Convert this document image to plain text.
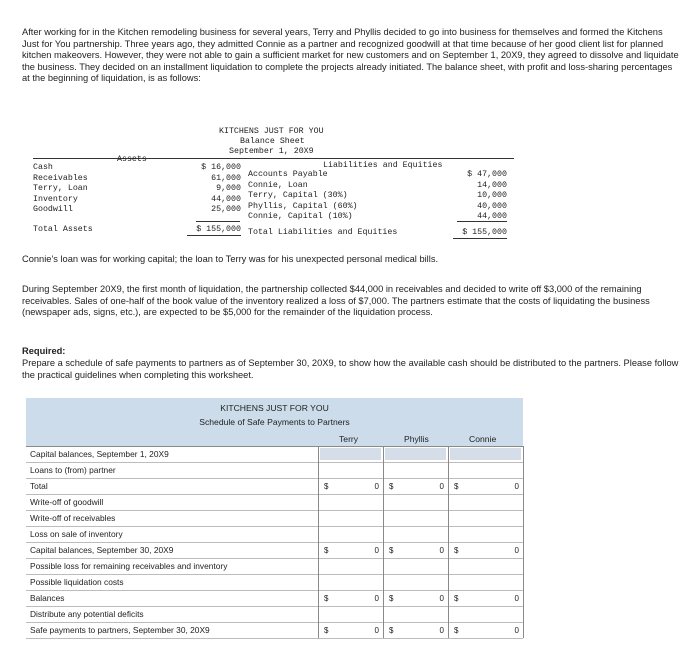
After working for in the Kitchen remodeling business for several years, Terry and Phyllis decided to go into business for themselves and formed the Kitchens Just for You partnership. Three years ago, they admitted Connie as a partner and recognized goodwill at that time because of her good client list for planned kitchen makeovers. However, they were not able to gain a sufficient market for new customers and on September 1, 20X9, they agreed to dissolve and liquidate the business. They decided on an installment liquidation to complete the projects already initiated. The balance sheet, with profit and loss-sharing percentages at the beginning of liquidation, is as follows:
KITCHENS JUST FOR YOU
Balance Sheet
September 1, 20X9
Assets
Liabilities and Equities
Cash	$ 16,000
Receivables	61,000
Terry, Loan	9,000
Inventory	44,000
Goodwill	25,000
Accounts Payable	$ 47,000
Connie, Loan	14,000
Terry, Capital (30%)	10,000
Phyllis, Capital (60%)	40,000
Connie, Capital (10%)	44,000
Total Assets	$ 155,000 Total Liabilities and Equities	$ 155,000
Connie's loan was for working capital; the loan to Terry was for his unexpected personal medical bills.
During September 20X9, the first month of liquidation, the partnership collected $44,000 in receivables and decided to write off $3,000 of the remaining receivables. Sales of one-half of the book value of the inventory realized a loss of $7,000. The partners estimate that the costs of liquidating the business (newspaper ads, signs, etc.), are expected to be $5,000 for the remainder of the liquidation process.
Required:
Prepare a schedule of safe payments to partners as of September 30, 20X9, to show how the available cash should be distributed to the partners. Please follow the practical guidelines when completing this worksheet.
KITCHENS JUST FOR YOU
Schedule of Safe Payments to Partners
Terry	Phyllis	Connie
Capital balances, September 1, 20X9
Loans to (from) partner
Total	$	0 $	0 $	0
Write-off of goodwill
Write-off of receivables
Loss on sale of inventory
Capital balances, September 30, 20X9	$	0 $	0 $	0
Possible loss for remaining receivables and inventory
Possible liquidation costs
Balances	$	0 $	0 $	0
Distribute any potential deficits
Safe payments to partners, September 30, 20X9	$	0 $	0 $	0
